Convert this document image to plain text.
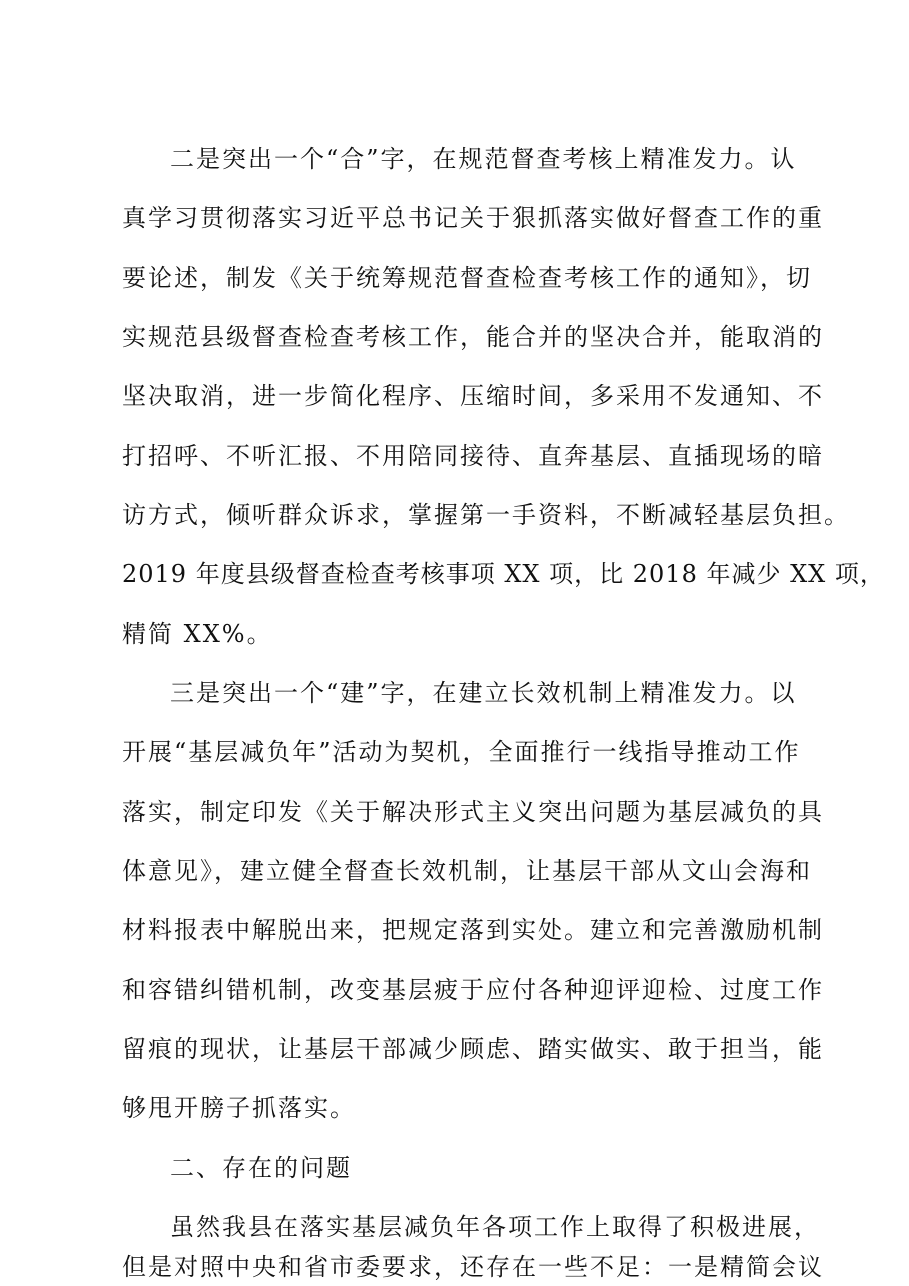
二是突出一个“合”字，在规范督查考核上精准发力。认

真学习贯彻落实习近平总书记关于狠抓落实做好督查工作的重

要论述，制发《关于统筹规范督查检查考核工作的通知》，切

实规范县级督查检查考核工作，能合并的坚决合并，能取消的

坚决取消，进一步简化程序、压缩时间，多采用不发通知、不

打招呼、不听汇报、不用陪同接待、直奔基层、直插现场的暗

访方式，倾听群众诉求，掌握第一手资料，不断减轻基层负担。

2019 年度县级督查检查考核事项 XX 项，比 2018 年减少 XX 项，

精简 XX%。

三是突出一个“建”字，在建立长效机制上精准发力。以

开展“基层减负年”活动为契机，全面推行一线指导推动工作

落实，制定印发《关于解决形式主义突出问题为基层减负的具

体意见》，建立健全督查长效机制，让基层干部从文山会海和

材料报表中解脱出来，把规定落到实处。建立和完善激励机制

和容错纠错机制，改变基层疲于应付各种迎评迎检、过度工作

留痕的现状，让基层干部减少顾虑、踏实做实、敢于担当，能

够甩开膀子抓落实。

二、存在的问题

虽然我县在落实基层减负年各项工作上取得了积极进展，

但是对照中央和省市委要求，还存在一些不足：一是精简会议
